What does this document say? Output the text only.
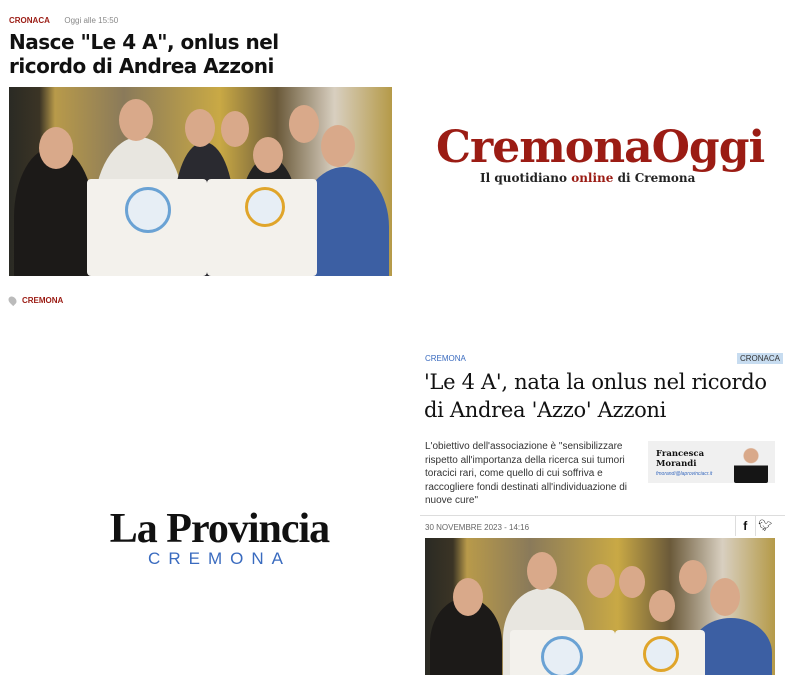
CRONACA Oggi alle 15:50
Nasce "Le 4 A", onlus nel
ricordo di Andrea Azzoni
CREMONA
CremonaOggi
Il quotidiano online di Cremona
La Provincia
CREMONA
CREMONA	CRONACA
'Le 4 A', nata la onlus nel ricordo
di Andrea 'Azzo' Azzoni
L'obiettivo dell'associazione è "sensibilizzare rispetto all'importanza della ricerca sui tumori toracici rari, come quello di cui soffriva e raccogliere fondi destinati all'individuazione di nuove cure"
Francesca
Morandi
fmorandi@laprovinciacr.it
30 NOVEMBRE 2023 - 14:16	f	🐦︎
